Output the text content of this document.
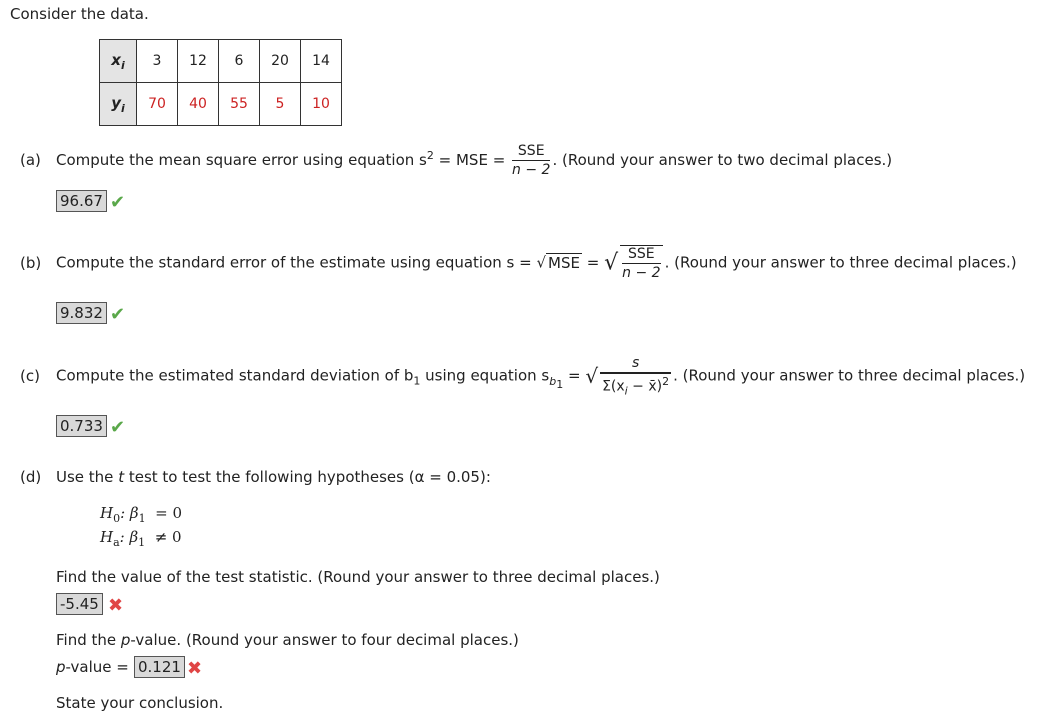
Consider the data.
$x_i$	3	12	6	20	14
$y_i$	70	40	55	5	10
(a) Compute the mean square error using equation $s^2$ = MSE = $\frac{\text{SSE}}{n - 2}$ . (Round your answer to two decimal places.)
96.67 ✔
(b) Compute the standard error of the estimate using equation s = √ MSE = √ $\frac{\text{SSE}}{n - 2}$ . (Round your answer to three decimal places.)
9.832 ✔
(c) Compute the estimated standard deviation of $b_1$ using equation $s_{b_1}$ = √ $\frac{s}{\Sigma(x_i - x̄)^2}$ . (Round your answer to three decimal places.)
0.733 ✔
(d) Use the t test to test the following hypotheses (α = 0.05):
$H_0$: $\beta_1 = 0$
$H_a$: $\beta_1 \ne 0$
Find the value of the test statistic. (Round your answer to three decimal places.)
-5.45 ✖
Find the p-value. (Round your answer to four decimal places.)
p-value = 0.121 ✖
State your conclusion.
